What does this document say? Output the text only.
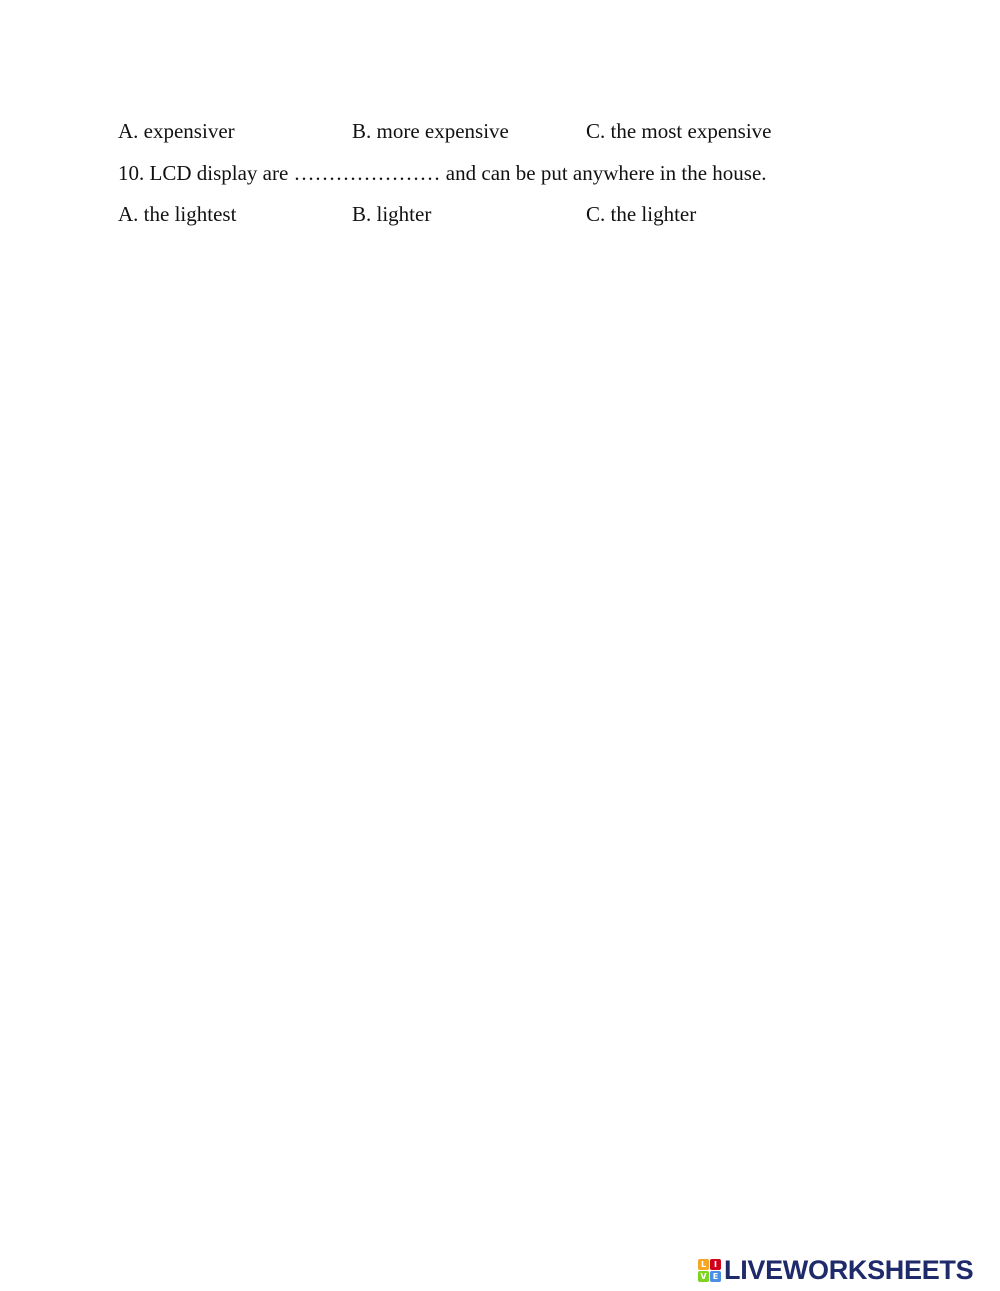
A. expensiver	B. more expensive	C. the most expensive
10. LCD display are ………………… and can be put anywhere in the house.
A. the lightest	B. lighter	C. the lighter
L I
V E LIVEWORKSHEETS
